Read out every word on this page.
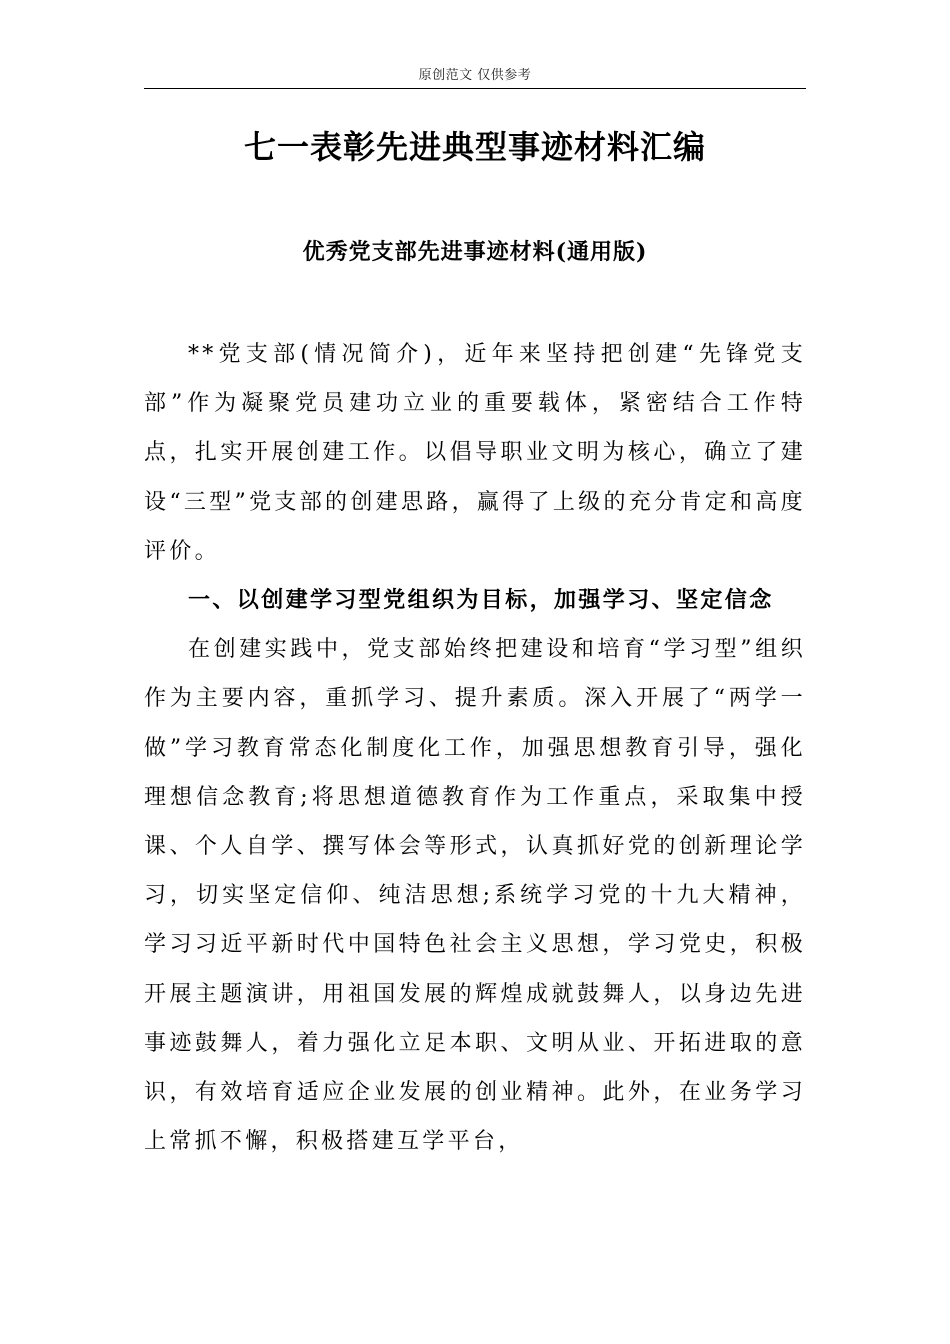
原创范文 仅供参考
七一表彰先进典型事迹材料汇编
优秀党支部先进事迹材料(通用版)

**党支部(情况简介)，近年来坚持把创建“先锋党支部”作为凝聚党员建功立业的重要载体，紧密结合工作特点，扎实开展创建工作。以倡导职业文明为核心，确立了建设“三型”党支部的创建思路，赢得了上级的充分肯定和高度评价。

一、以创建学习型党组织为目标，加强学习、坚定信念

在创建实践中，党支部始终把建设和培育“学习型”组织作为主要内容，重抓学习、提升素质。深入开展了“两学一做”学习教育常态化制度化工作，加强思想教育引导，强化理想信念教育;将思想道德教育作为工作重点，采取集中授课、个人自学、撰写体会等形式，认真抓好党的创新理论学习，切实坚定信仰、纯洁思想;系统学习党的十九大精神，学习习近平新时代中国特色社会主义思想，学习党史，积极开展主题演讲，用祖国发展的辉煌成就鼓舞人，以身边先进事迹鼓舞人，着力强化立足本职、文明从业、开拓进取的意识，有效培育适应企业发展的创业精神。此外，在业务学习上常抓不懈，积极搭建互学平台，
